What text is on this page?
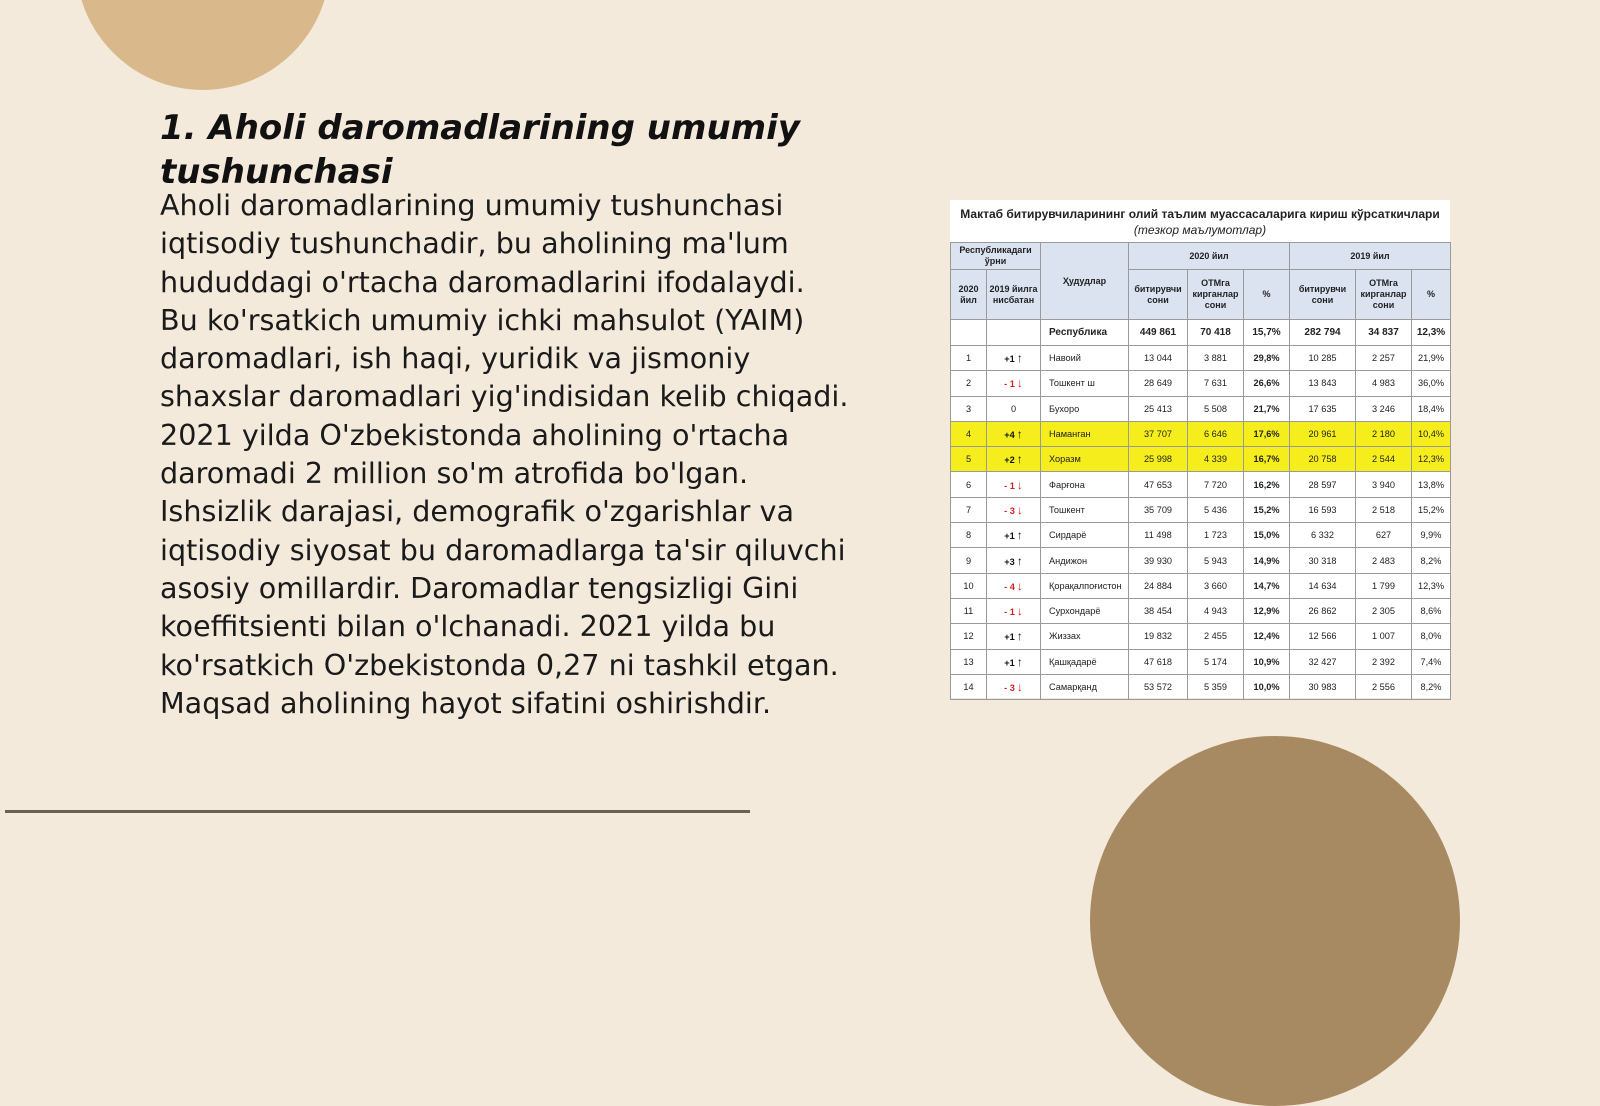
1. Aholi daromadlarining umumiy tushunchasi

Aholi daromadlarining umumiy tushunchasi iqtisodiy tushunchadir, bu aholining ma'lum hududdagi o'rtacha daromadlarini ifodalaydi. Bu ko'rsatkich umumiy ichki mahsulot (YAIM) daromadlari, ish haqi, yuridik va jismoniy shaxslar daromadlari yig'indisidan kelib chiqadi. 2021 yilda O'zbekistonda aholining o'rtacha daromadi 2 million so'm atrofida bo'lgan. Ishsizlik darajasi, demografik o'zgarishlar va iqtisodiy siyosat bu daromadlarga ta'sir qiluvchi asosiy omillardir. Daromadlar tengsizligi Gini koeffitsienti bilan o'lchanadi. 2021 yilda bu ko'rsatkich O'zbekistonda 0,27 ni tashkil etgan. Maqsad aholining hayot sifatini oshirishdir.

Мактаб битирувчиларининг олий таълим муассасаларига кириш кўрсаткичлари (тезкор маълумотлар)
Республикадаги ўрни		Ҳудудлар	2020 йил			2019 йил		
2020 йил	2019 йилга нисбатан		битирувчи сони	ОТМга кирганлар сони	%	битирувчи сони	ОТМга кирганлар сони	%
		Республика	449 861	70 418	15,7%	282 794	34 837	12,3%
1	+1 ↑	Навоий	13 044	3 881	29,8%	10 285	2 257	21,9%
2	- 1 ↓	Тошкент ш	28 649	7 631	26,6%	13 843	4 983	36,0%
3	0	Бухоро	25 413	5 508	21,7%	17 635	3 246	18,4%
4	+4 ↑	Наманган	37 707	6 646	17,6%	20 961	2 180	10,4%
5	+2 ↑	Хоразм	25 998	4 339	16,7%	20 758	2 544	12,3%
6	- 1 ↓	Фарғона	47 653	7 720	16,2%	28 597	3 940	13,8%
7	- 3 ↓	Тошкент	35 709	5 436	15,2%	16 593	2 518	15,2%
8	+1 ↑	Сирдарё	11 498	1 723	15,0%	6 332	627	9,9%
9	+3 ↑	Андижон	39 930	5 943	14,9%	30 318	2 483	8,2%
10	- 4 ↓	Қорақалпоғистон	24 884	3 660	14,7%	14 634	1 799	12,3%
11	- 1 ↓	Сурхондарё	38 454	4 943	12,9%	26 862	2 305	8,6%
12	+1 ↑	Жиззах	19 832	2 455	12,4%	12 566	1 007	8,0%
13	+1 ↑	Қашқадарё	47 618	5 174	10,9%	32 427	2 392	7,4%
14	- 3 ↓	Самарқанд	53 572	5 359	10,0%	30 983	2 556	8,2%
